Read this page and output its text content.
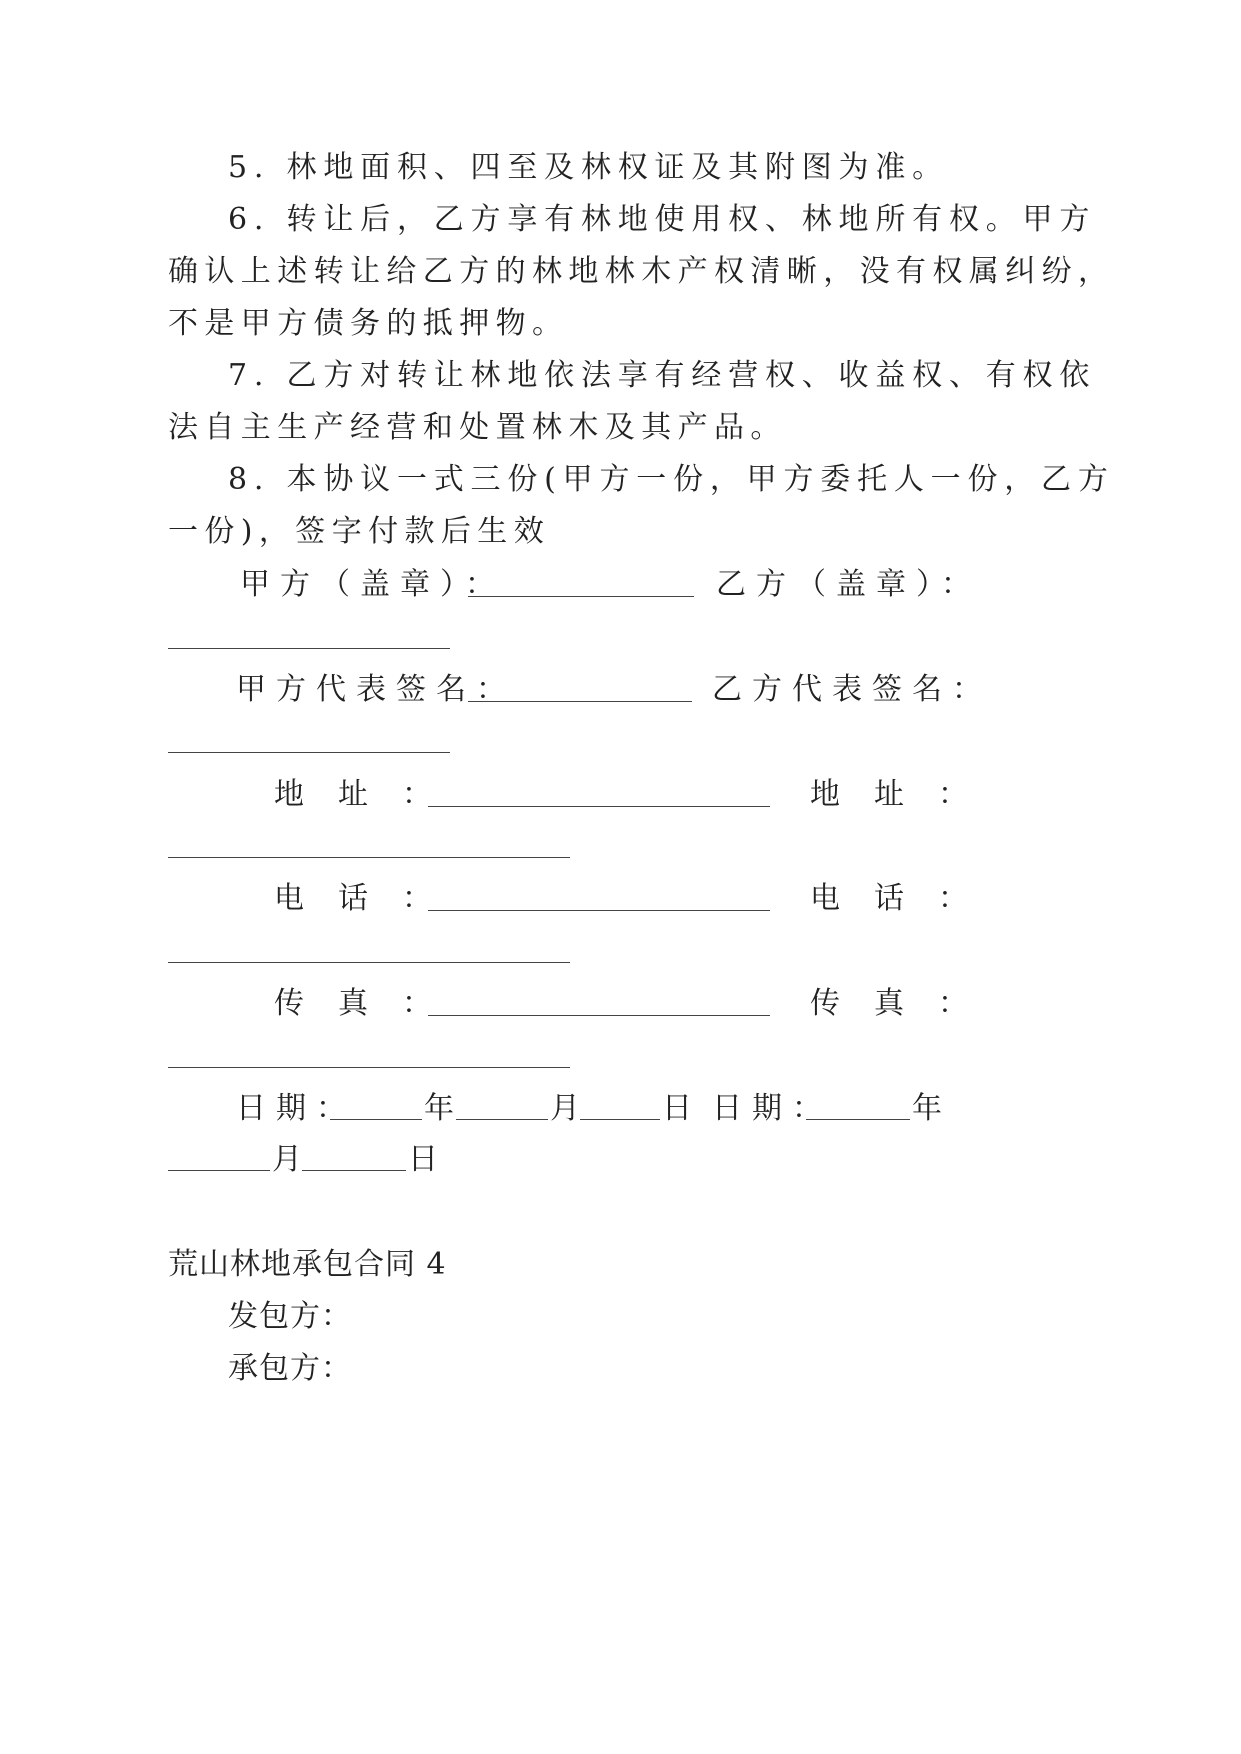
5. 林地面积、四至及林权证及其附图为准。
6. 转让后，乙方享有林地使用权、林地所有权。甲方
确认上述转让给乙方的林地林木产权清晰，没有权属纠纷，
不是甲方债务的抵押物。
7. 乙方对转让林地依法享有经营权、收益权、有权依
法自主生产经营和处置林木及其产品。
8. 本协议一式三份(甲方一份，甲方委托人一份，乙方
一份)，签字付款后生效
甲方（盖章）：	乙方（盖章）：
甲方代表签名：	乙方代表签名：
地址：	地址：
电话：	电话：
传真：	传真：
日期： 年	月	日 日期：	年
月	日
荒山林地承包合同 4
发包方：
承包方：
